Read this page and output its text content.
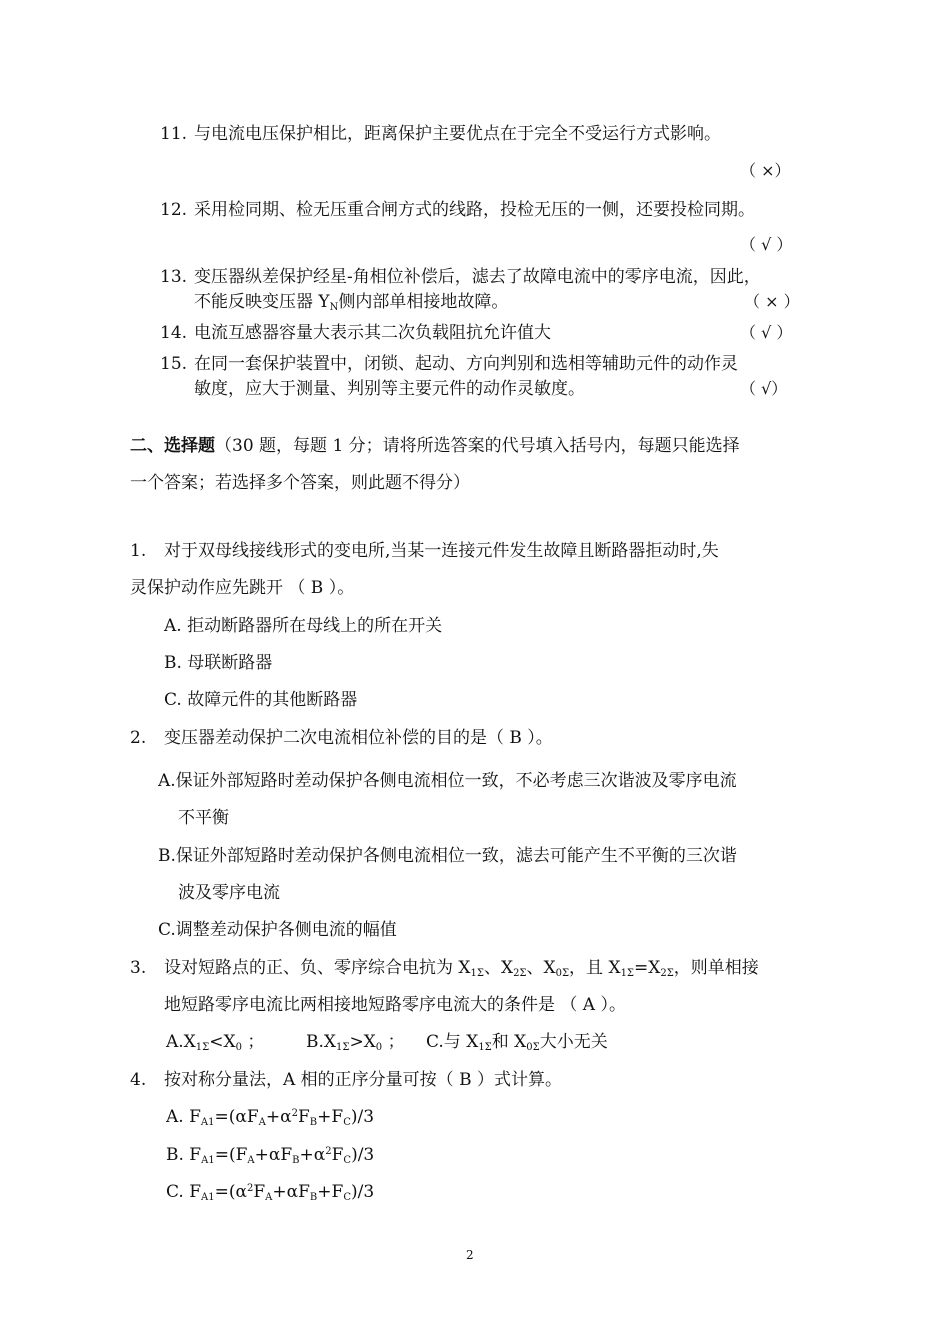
11. 与电流电压保护相比，距离保护主要优点在于完全不受运行方式影响。
（ ×）
12. 采用检同期、检无压重合闸方式的线路，投检无压的一侧，还要投检同期。
（ √ ）
13. 变压器纵差保护经星-角相位补偿后，滤去了故障电流中的零序电流，因此，
不能反映变压器 $Y_N$侧内部单相接地故障。	（ × ）
14. 电流互感器容量大表示其二次负载阻抗允许值大	（ √ ）
15. 在同一套保护装置中，闭锁、起动、方向判别和选相等辅助元件的动作灵
敏度，应大于测量、判别等主要元件的动作灵敏度。	（ √）
二、选择题（30 题，每题 1 分；请将所选答案的代号填入括号内，每题只能选择
一个答案；若选择多个答案，则此题不得分）
1. 对于双母线接线形式的变电所,当某一连接元件发生故障且断路器拒动时,失
灵保护动作应先跳开 （ B ）。
A. 拒动断路器所在母线上的所在开关
B. 母联断路器
C. 故障元件的其他断路器
2. 变压器差动保护二次电流相位补偿的目的是（ B ）。
A.保证外部短路时差动保护各侧电流相位一致，不必考虑三次谐波及零序电流
不平衡
B.保证外部短路时差动保护各侧电流相位一致，滤去可能产生不平衡的三次谐
波及零序电流
C.调整差动保护各侧电流的幅值
3. 设对短路点的正、负、零序综合电抗为 $X_{1\Sigma}$、$X_{2\Sigma}$、$X_{0\Sigma}$，且 $X_{1\Sigma}=X_{2\Sigma}$，则单相接
地短路零序电流比两相接地短路零序电流大的条件是 （ A ）。
$A.X_{1\Sigma}<X_0$ ； $B.X_{1\Sigma}>X_0$ ； C.与 $X_{1\Sigma}$和 $X_{0\Sigma}$大小无关
4. 按对称分量法，A 相的正序分量可按（ B ）式计算。
A. $F_{A1}=(\alpha F_A+\alpha^2F_B+F_C)/3$
B. $F_{A1}=(F_A+\alpha F_B+\alpha^2F_C)/3$
C. $F_{A1}=(\alpha^2F_A+\alpha F_B+F_C)/3$
2
